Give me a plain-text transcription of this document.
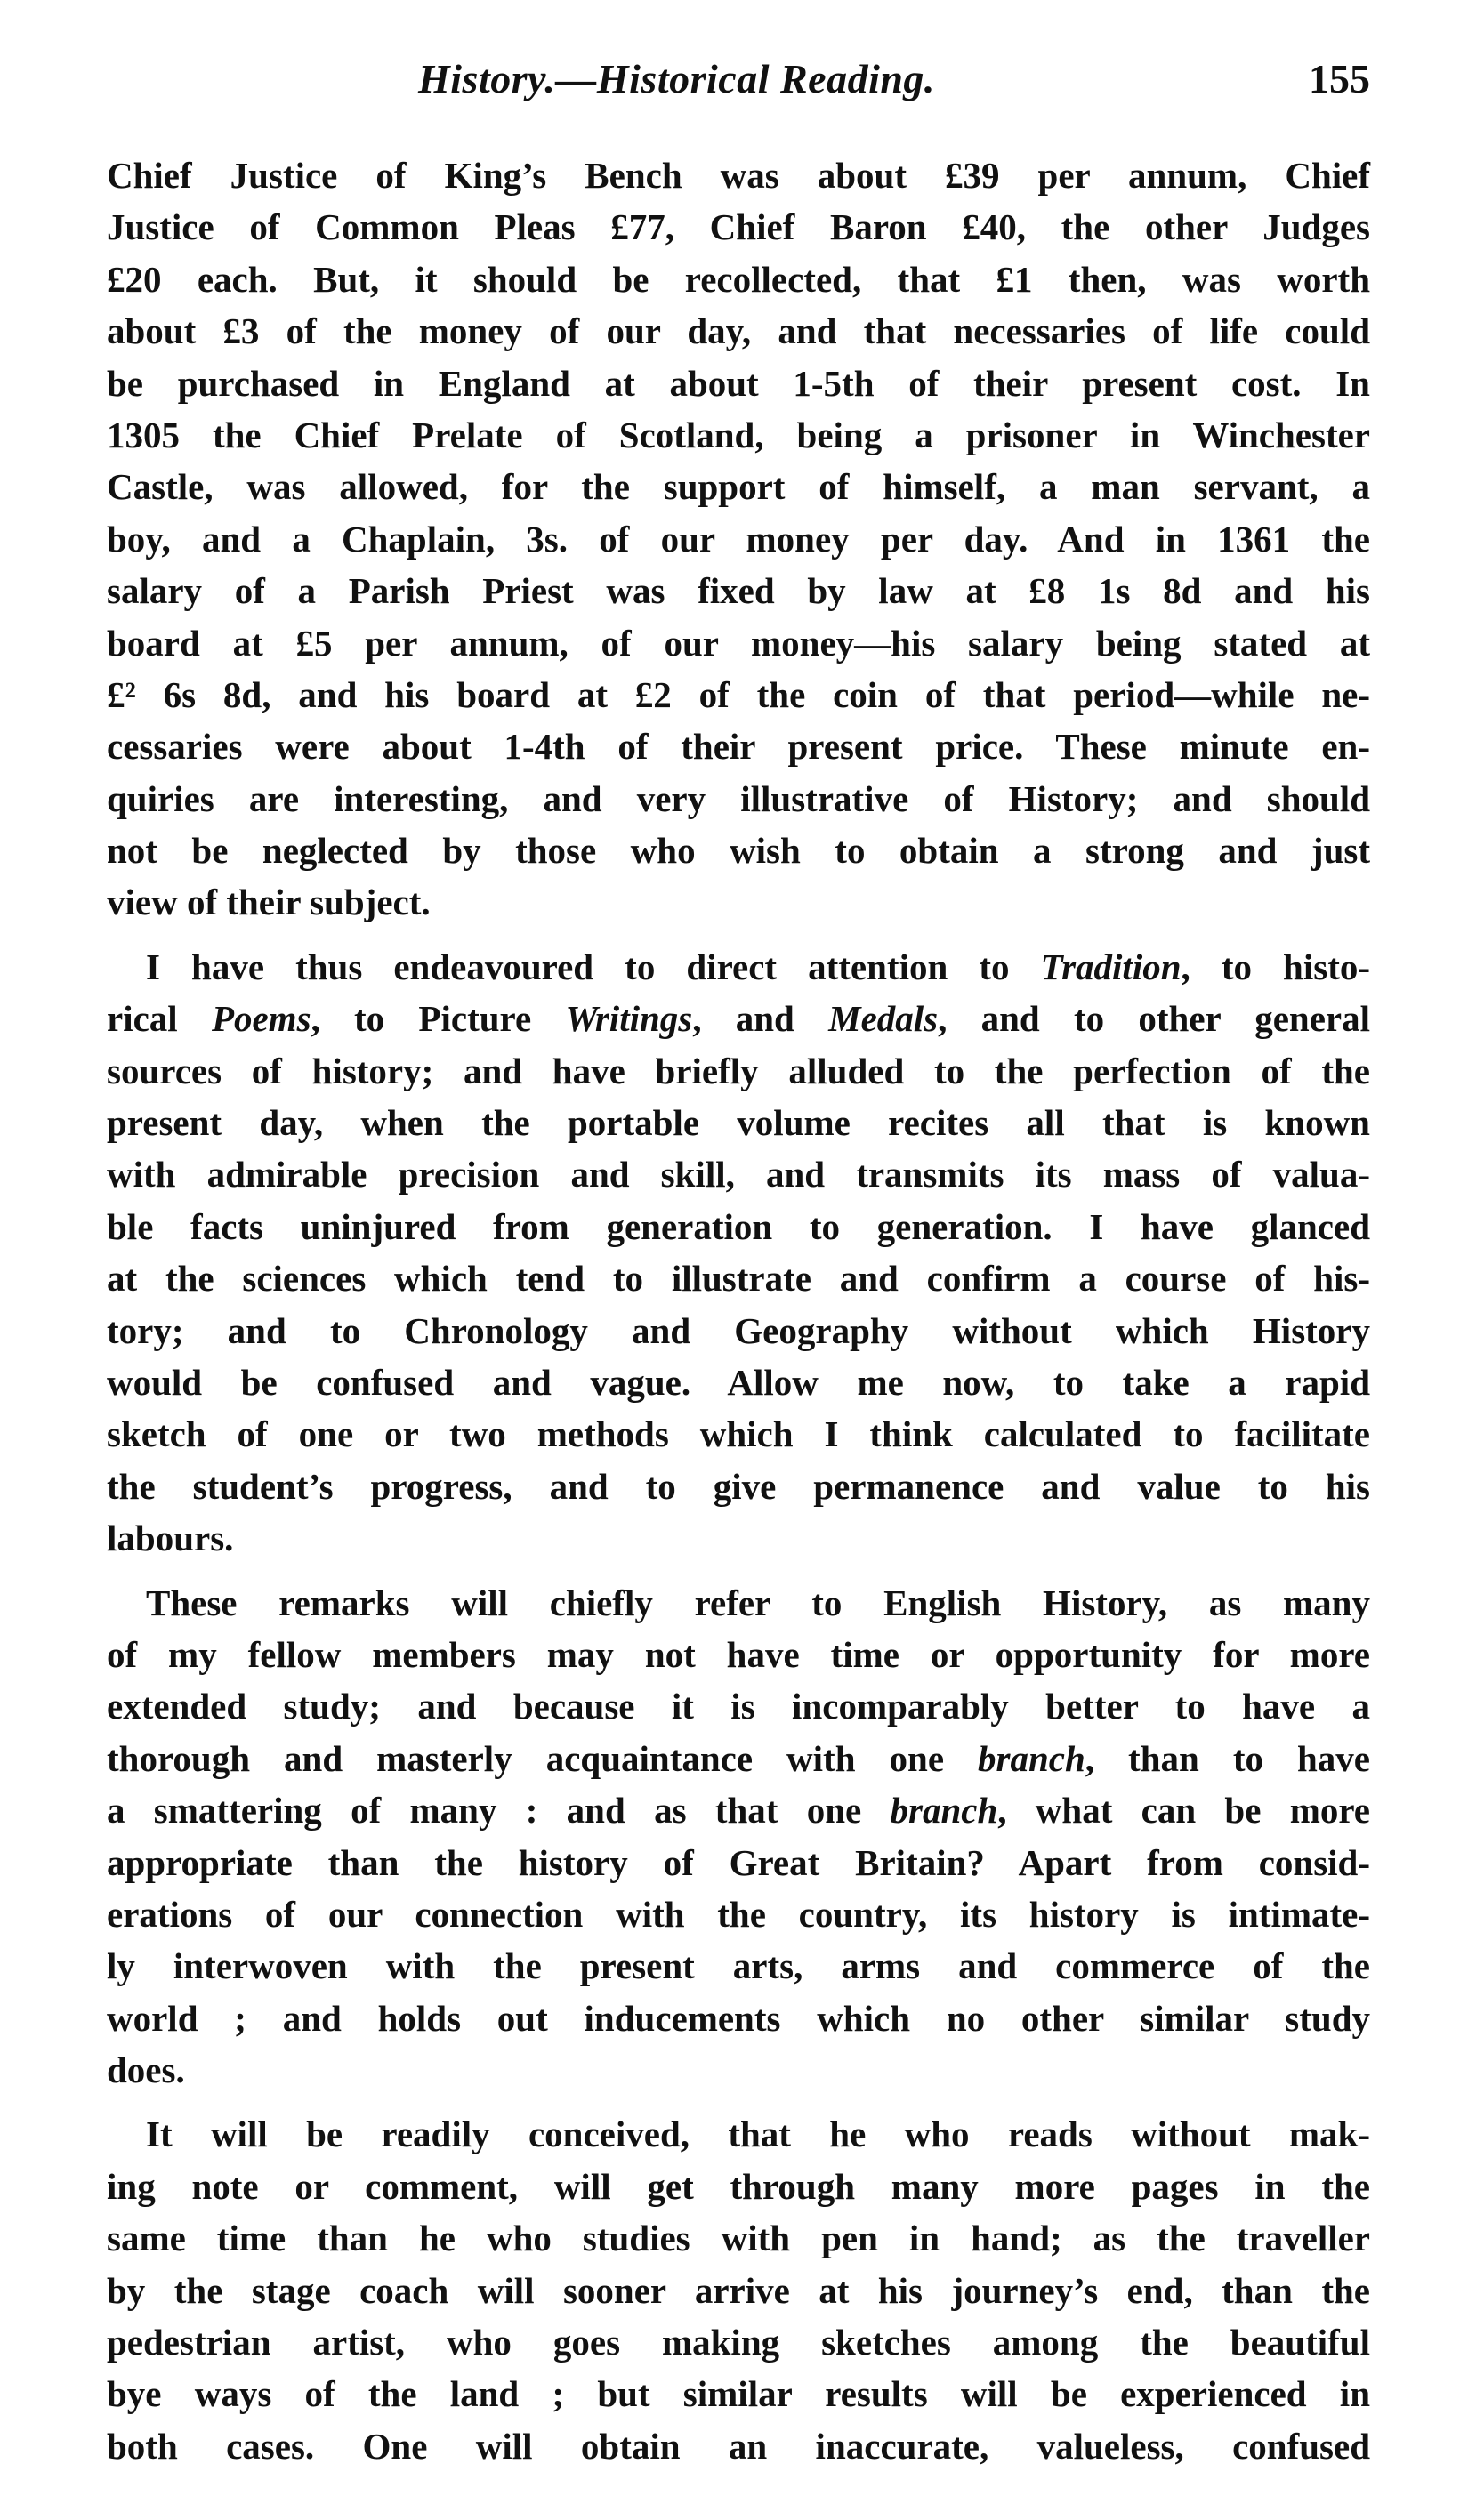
History.—Historical Reading.	155
Chief Justice of King’s Bench was about £39 per annum, Chief
Justice of Common Pleas £77, Chief Baron £40, the other Judges
£20 each. But, it should be recollected, that £1 then, was worth
about £3 of the money of our day, and that necessaries of life could
be purchased in England at about 1-5th of their present cost. In
1305 the Chief Prelate of Scotland, being a prisoner in Winchester
Castle, was allowed, for the support of himself, a man servant, a
boy, and a Chaplain, 3s. of our money per day. And in 1361 the
salary of a Parish Priest was fixed by law at £8 1s 8d and his
board at £5 per annum, of our money—his salary being stated at
£² 6s 8d, and his board at £2 of the coin of that period—while ne-
cessaries were about 1-4th of their present price. These minute en-
quiries are interesting, and very illustrative of History; and should
not be neglected by those who wish to obtain a strong and just
view of their subject.
I have thus endeavoured to direct attention to Tradition, to histo-
rical Poems, to Picture Writings, and Medals, and to other general
sources of history; and have briefly alluded to the perfection of the
present day, when the portable volume recites all that is known
with admirable precision and skill, and transmits its mass of valua-
ble facts uninjured from generation to generation. I have glanced
at the sciences which tend to illustrate and confirm a course of his-
tory; and to Chronology and Geography without which History
would be confused and vague. Allow me now, to take a rapid
sketch of one or two methods which I think calculated to facilitate
the student’s progress, and to give permanence and value to his
labours.
These remarks will chiefly refer to English History, as many
of my fellow members may not have time or opportunity for more
extended study; and because it is incomparably better to have a
thorough and masterly acquaintance with one branch, than to have
a smattering of many : and as that one branch, what can be more
appropriate than the history of Great Britain? Apart from consid-
erations of our connection with the country, its history is intimate-
ly interwoven with the present arts, arms and commerce of the
world ; and holds out inducements which no other similar study
does.
It will be readily conceived, that he who reads without mak-
ing note or comment, will get through many more pages in the
same time than he who studies with pen in hand; as the traveller
by the stage coach will sooner arrive at his journey’s end, than the
pedestrian artist, who goes making sketches among the beautiful
bye ways of the land ; but similar results will be experienced in
both cases. One will obtain an inaccurate, valueless, confused
